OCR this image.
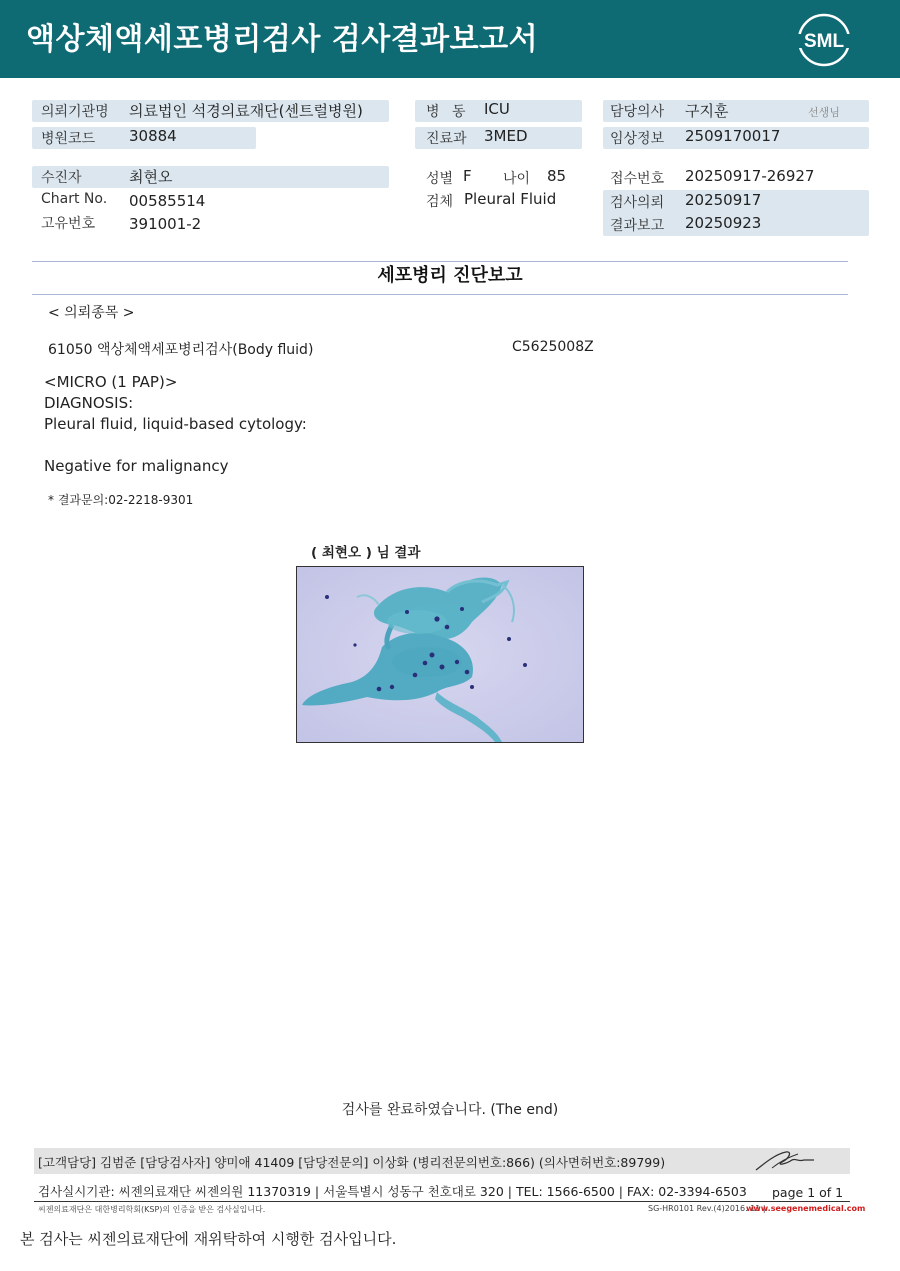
액상체액세포병리검사 검사결과보고서	SML
의뢰기관명 의료법인 석경의료재단(센트럴병원)
병원코드 30884
수진자	최현오
Chart No. 00585514
고유번호 391001-2
병 동 ICU
진료과 3MED
성별 F 나이 85
검체 Pleural Fluid
담당의사 구지훈	선생님
임상정보 2509170017
접수번호 20250917-26927
검사의뢰 20250917
결과보고 20250923
세포병리 진단보고
< 의뢰종목 >
61050 액상체액세포병리검사(Body fluid)	C5625008Z
<MICRO (1 PAP)>
DIAGNOSIS:
Pleural fluid, liquid-based cytology:
Negative for malignancy
* 결과문의:02-2218-9301
( 최현오 ) 님 결과
검사를 완료하였습니다. (The end)
[고객담당] 김범준 [담당검사자] 양미애 41409 [담당전문의] 이상화 (병리전문의번호:866) (의사면허번호:89799)
검사실시기관: 씨젠의료재단 씨젠의원 11370319 | 서울특별시 성동구 천호대로 320 | TEL: 1566-6500 | FAX: 02-3394-6503 page 1 of 1
씨젠의료재단은 대한병리학회(KSP)의 인증을 받은 검사실입니다.	SG-HR0101 Rev.(4)2016. 11 |
www.seegenemedical.com
본 검사는 씨젠의료재단에 재위탁하여 시행한 검사입니다.
